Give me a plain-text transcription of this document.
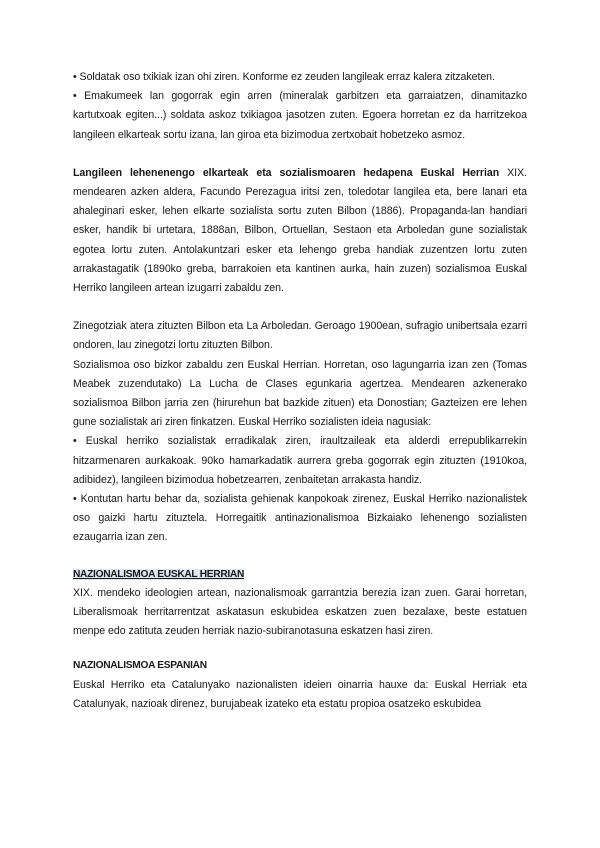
• Soldatak oso txikiak izan ohi ziren. Konforme ez zeuden langileak erraz kalera zitzaketen.

• Emakumeek lan gogorrak egin arren (mineralak garbitzen eta garraiatzen, dinamitazko kartutxoak egiten...) soldata askoz txikiagoa jasotzen zuten. Egoera horretan ez da harritzekoa langileen elkarteak sortu izana, lan giroa eta bizimodua zertxobait hobetzeko asmoz.

Langileen lehenenengo elkarteak eta sozialismoaren hedapena Euskal Herrian XIX. mendearen azken aldera, Facundo Perezagua iritsi zen, toledotar langilea eta, bere lanari eta ahaleginari esker, lehen elkarte sozialista sortu zuten Bilbon (1886). Propaganda-lan handiari esker, handik bi urtetara, 1888an, Bilbon, Ortuellan, Sestaon eta Arboledan gune sozialistak egotea lortu zuten. Antolakuntzari esker eta lehengo greba handiak zuzentzen lortu zuten arrakastagatik (1890ko greba, barrakoien eta kantinen aurka, hain zuzen) sozialismoa Euskal Herriko langileen artean izugarri zabaldu zen.

Zinegotziak atera zituzten Bilbon eta La Arboledan. Geroago 1900ean, sufragio unibertsala ezarri ondoren, lau zinegotzi lortu zituzten Bilbon.

Sozialismoa oso bizkor zabaldu zen Euskal Herrian. Horretan, oso lagungarria izan zen (Tomas Meabek zuzendutako) La Lucha de Clases egunkaria agertzea. Mendearen azkenerako sozialismoa Bilbon jarria zen (hirurehun bat bazkide zituen) eta Donostian; Gazteizen ere lehen gune sozialistak ari ziren finkatzen. Euskal Herriko sozialisten ideia nagusiak:

• Euskal herriko sozialistak erradikalak ziren, iraultzaileak eta alderdi errepublikarrekin hitzarmenaren aurkakoak. 90ko hamarkadatik aurrera greba gogorrak egin zituzten (1910koa, adibidez), langileen bizimodua hobetzearren, zenbaitetan arrakasta handiz.

• Kontutan hartu behar da, sozialista gehienak kanpokoak zirenez, Euskal Herriko nazionalistek oso gaizki hartu zituztela. Horregaitik antinazionalismoa Bizkaiako lehenengo sozialisten ezaugarria izan zen.

NAZIONALISMOA EUSKAL HERRIAN

XIX. mendeko ideologien artean, nazionalismoak garrantzia berezia izan zuen. Garai horretan, Liberalismoak herritarrentzat askatasun eskubidea eskatzen zuen bezalaxe, beste estatuen menpe edo zatituta zeuden herriak nazio-subiranotasuna eskatzen hasi ziren.

NAZIONALISMOA ESPANIAN

Euskal Herriko eta Catalunyako nazionalisten ideien oinarria hauxe da: Euskal Herriak eta Catalunyak, nazioak direnez, burujabeak izateko eta estatu propioa osatzeko eskubidea
